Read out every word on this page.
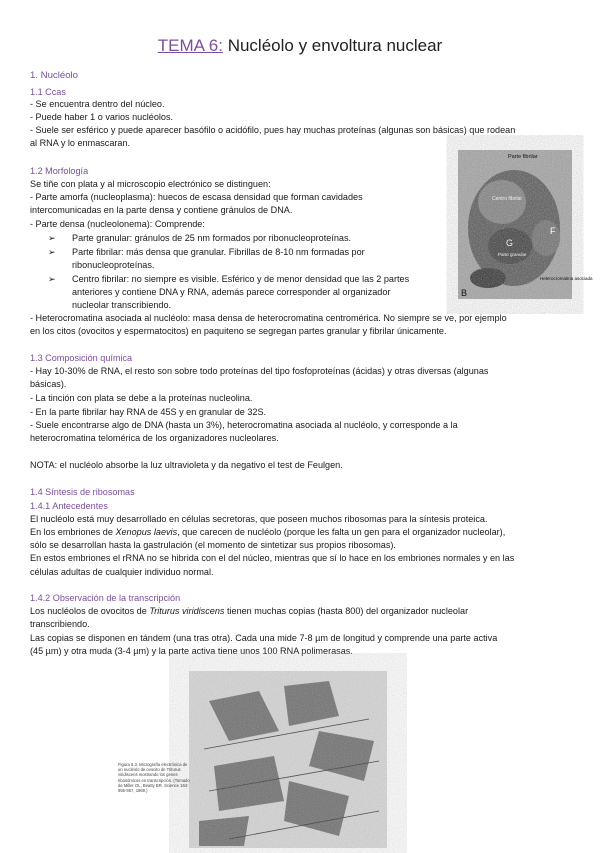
TEMA 6: Nucléolo y envoltura nuclear
1. Nucléolo
1.1 Ccas
- Se encuentra dentro del núcleo.
- Puede haber 1 o varios nucléolos.
- Suele ser esférico y puede aparecer basófilo o acidófilo, pues hay muchas proteínas (algunas son básicas) que rodean
al RNA y lo enmascaran.
1.2 Morfología
Se tiñe con plata y al microscopio electrónico se distinguen:
- Parte amorfa (nucleoplasma): huecos de escasa densidad que forman cavidades
intercomunicadas en la parte densa y contiene gránulos de DNA.
- Parte densa (nucleolonema): Comprende:
➢ Parte granular: gránulos de 25 nm formados por ribonucleoproteínas.
➢ Parte fibrilar: más densa que granular. Fibrillas de 8-10 nm formadas por
ribonucleoproteínas.
➢ Centro fibrilar: no siempre es visible. Esférico y de menor densidad que las 2 partes
anteriores y contiene DNA y RNA, además parece corresponder al organizador
nucleolar transcribiendo.
- Heterocromatina asociada al nucléolo: masa densa de heterocromatina centromérica. No siempre se ve, por ejemplo
en los citos (ovocitos y espermatocitos) en paquiteno se segregan partes granular y fibrilar únicamente.
Parte fibrilar
Centro fibrilar
G
Parte granular
F
B
Heterocromatina asociada
1.3 Composición química
- Hay 10-30% de RNA, el resto son sobre todo proteínas del tipo fosfoproteínas (ácidas) y otras diversas (algunas
básicas).
- La tinción con plata se debe a la proteínas nucleolina.
- En la parte fibrilar hay RNA de 45S y en granular de 32S.
- Suele encontrarse algo de DNA (hasta un 3%), heterocromatina asociada al nucléolo, y corresponde a la
heterocromatina telomérica de los organizadores nucleolares.
NOTA: el nucléolo absorbe la luz ultravioleta y da negativo el test de Feulgen.
1.4 Síntesis de ribosomas
1.4.1 Antecedentes
El nucléolo está muy desarrollado en células secretoras, que poseen muchos ribosomas para la síntesis proteica.
En los embriones de Xenopus laevis, que carecen de nucléolo (porque les falta un gen para el organizador nucleolar),
sólo se desarrollan hasta la gastrulación (el momento de sintetizar sus propios ribosomas).
En estos embriones el rRNA no se hibrida con el del núcleo, mientras que sí lo hace en los embriones normales y en las
células adultas de cualquier individuo normal.
1.4.2 Observación de la transcripción
Los nucléolos de ovocitos de Triturus viridiscens tienen muchas copias (hasta 800) del organizador nucleolar
transcribiendo.
Las copias se disponen en tándem (una tras otra). Cada una mide 7-8 µm de longitud y comprende una parte activa
(45 µm) y otra muda (3-4 µm) y la parte activa tiene unos 100 RNA polimerasas.
Figura 6.3. Micrografía electrónica de un nucléolo de ovocito de Triturus viridiscens mostrando los genes ribosómicos en transcripción. (Tomado de Miller OL, Beatty BR. Science 164: 955-957, 1969.)
